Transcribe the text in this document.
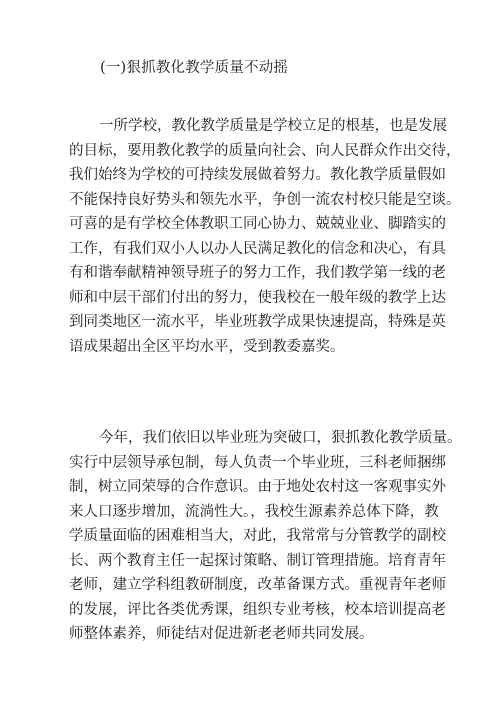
(一)狠抓教化教学质量不动摇
一所学校，教化教学质量是学校立足的根基，也是发展
的目标，要用教化教学的质量向社会、向人民群众作出交待，
我们始终为学校的可持续发展做着努力。教化教学质量假如
不能保持良好势头和领先水平，争创一流农村校只能是空谈。
可喜的是有学校全体教职工同心协力、兢兢业业、脚踏实的
工作，有我们双小人以办人民满足教化的信念和决心，有具
有和谐奉献精神领导班子的努力工作，我们教学第一线的老
师和中层干部们付出的努力，使我校在一般年级的教学上达
到同类地区一流水平，毕业班教学成果快速提高，特殊是英
语成果超出全区平均水平，受到教委嘉奖。
今年，我们依旧以毕业班为突破口，狠抓教化教学质量。
实行中层领导承包制，每人负责一个毕业班，三科老师捆绑
制，树立同荣辱的合作意识。由于地处农村这一客观事实外
来人口逐步增加，流淌性大。，我校生源素养总体下降，教
学质量面临的困难相当大，对此，我常常与分管教学的副校
长、两个教育主任一起探讨策略、制订管理措施。培育青年
老师，建立学科组教研制度，改革备课方式。重视青年老师
的发展，评比各类优秀课，组织专业考核，校本培训提高老
师整体素养，师徒结对促进新老老师共同发展。
